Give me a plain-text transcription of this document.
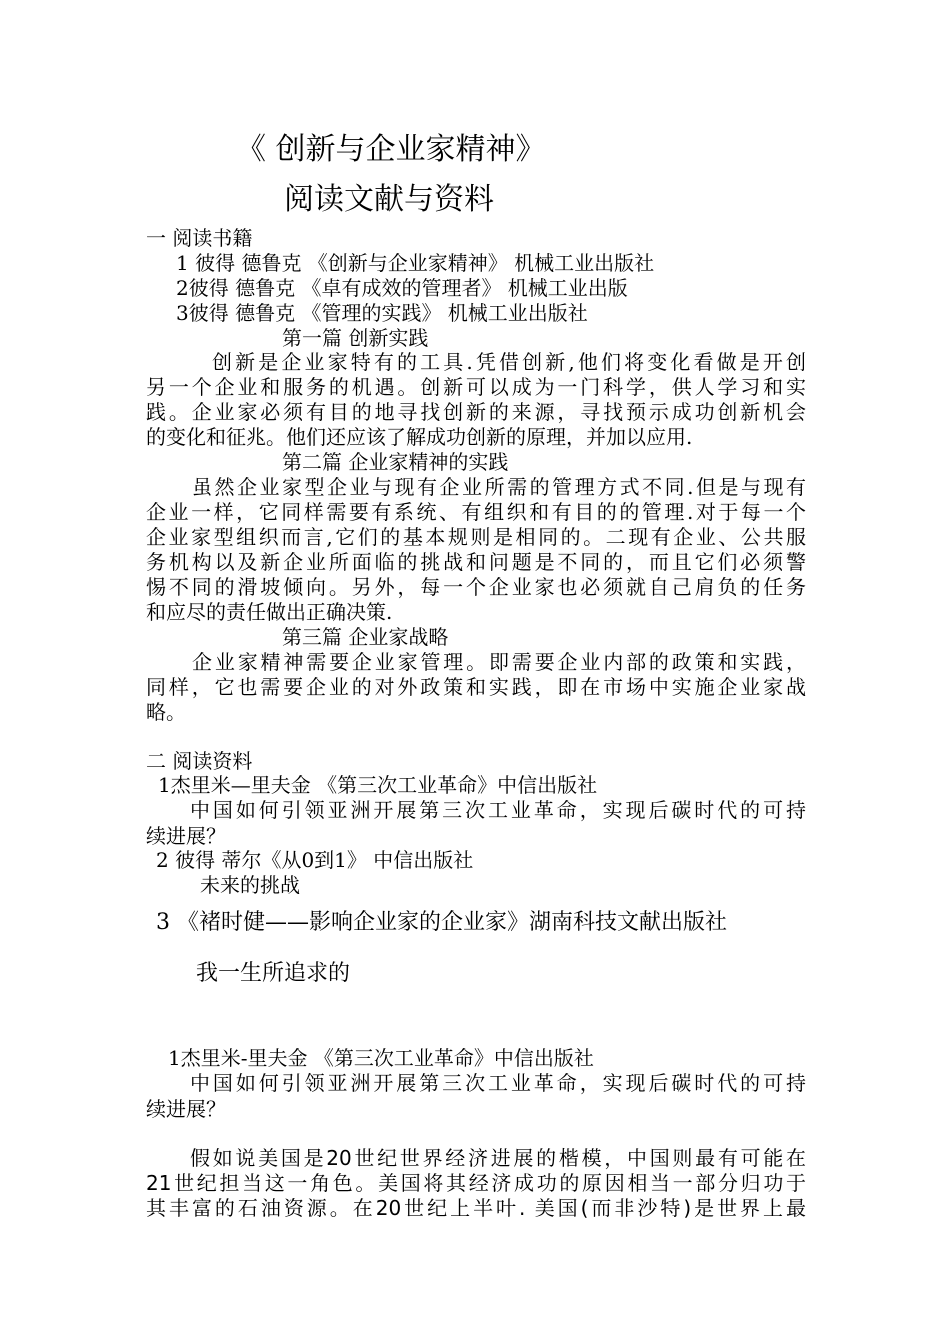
《 创新与企业家精神》
阅读文献与资料
一 阅读书籍
1 彼得 德鲁克 《创新与企业家精神》 机械工业出版社
2彼得 德鲁克 《卓有成效的管理者》 机械工业出版
3彼得 德鲁克 《管理的实践》 机械工业出版社
第一篇 创新实践
创新是企业家特有的工具.凭借创新,他们将变化看做是开创
另一个企业和服务的机遇。创新可以成为一门科学，供人学习和实
践。企业家必须有目的地寻找创新的来源，寻找预示成功创新机会
的变化和征兆。他们还应该了解成功创新的原理，并加以应用.
第二篇 企业家精神的实践
虽然企业家型企业与现有企业所需的管理方式不同.但是与现有
企业一样，它同样需要有系统、有组织和有目的的管理.对于每一个
企业家型组织而言,它们的基本规则是相同的。二现有企业、公共服
务机构以及新企业所面临的挑战和问题是不同的，而且它们必须警
惕不同的滑坡倾向。另外，每一个企业家也必须就自己肩负的任务
和应尽的责任做出正确决策.
第三篇 企业家战略
企业家精神需要企业家管理。即需要企业内部的政策和实践，
同样，它也需要企业的对外政策和实践，即在市场中实施企业家战
略。
二 阅读资料
1杰里米—里夫金 《第三次工业革命》中信出版社
中国如何引领亚洲开展第三次工业革命，实现后碳时代的可持
续进展？
2 彼得 蒂尔《从0到1》 中信出版社
未来的挑战
3 《褚时健——影响企业家的企业家》湖南科技文献出版社
我一生所追求的
1杰里米-里夫金 《第三次工业革命》中信出版社
中国如何引领亚洲开展第三次工业革命，实现后碳时代的可持
续进展？
假如说美国是20世纪世界经济进展的楷模，中国则最有可能在
21世纪担当这一角色。美国将其经济成功的原因相当一部分归功于
其丰富的石油资源。在20世纪上半叶. 美国(而非沙特)是世界上最
